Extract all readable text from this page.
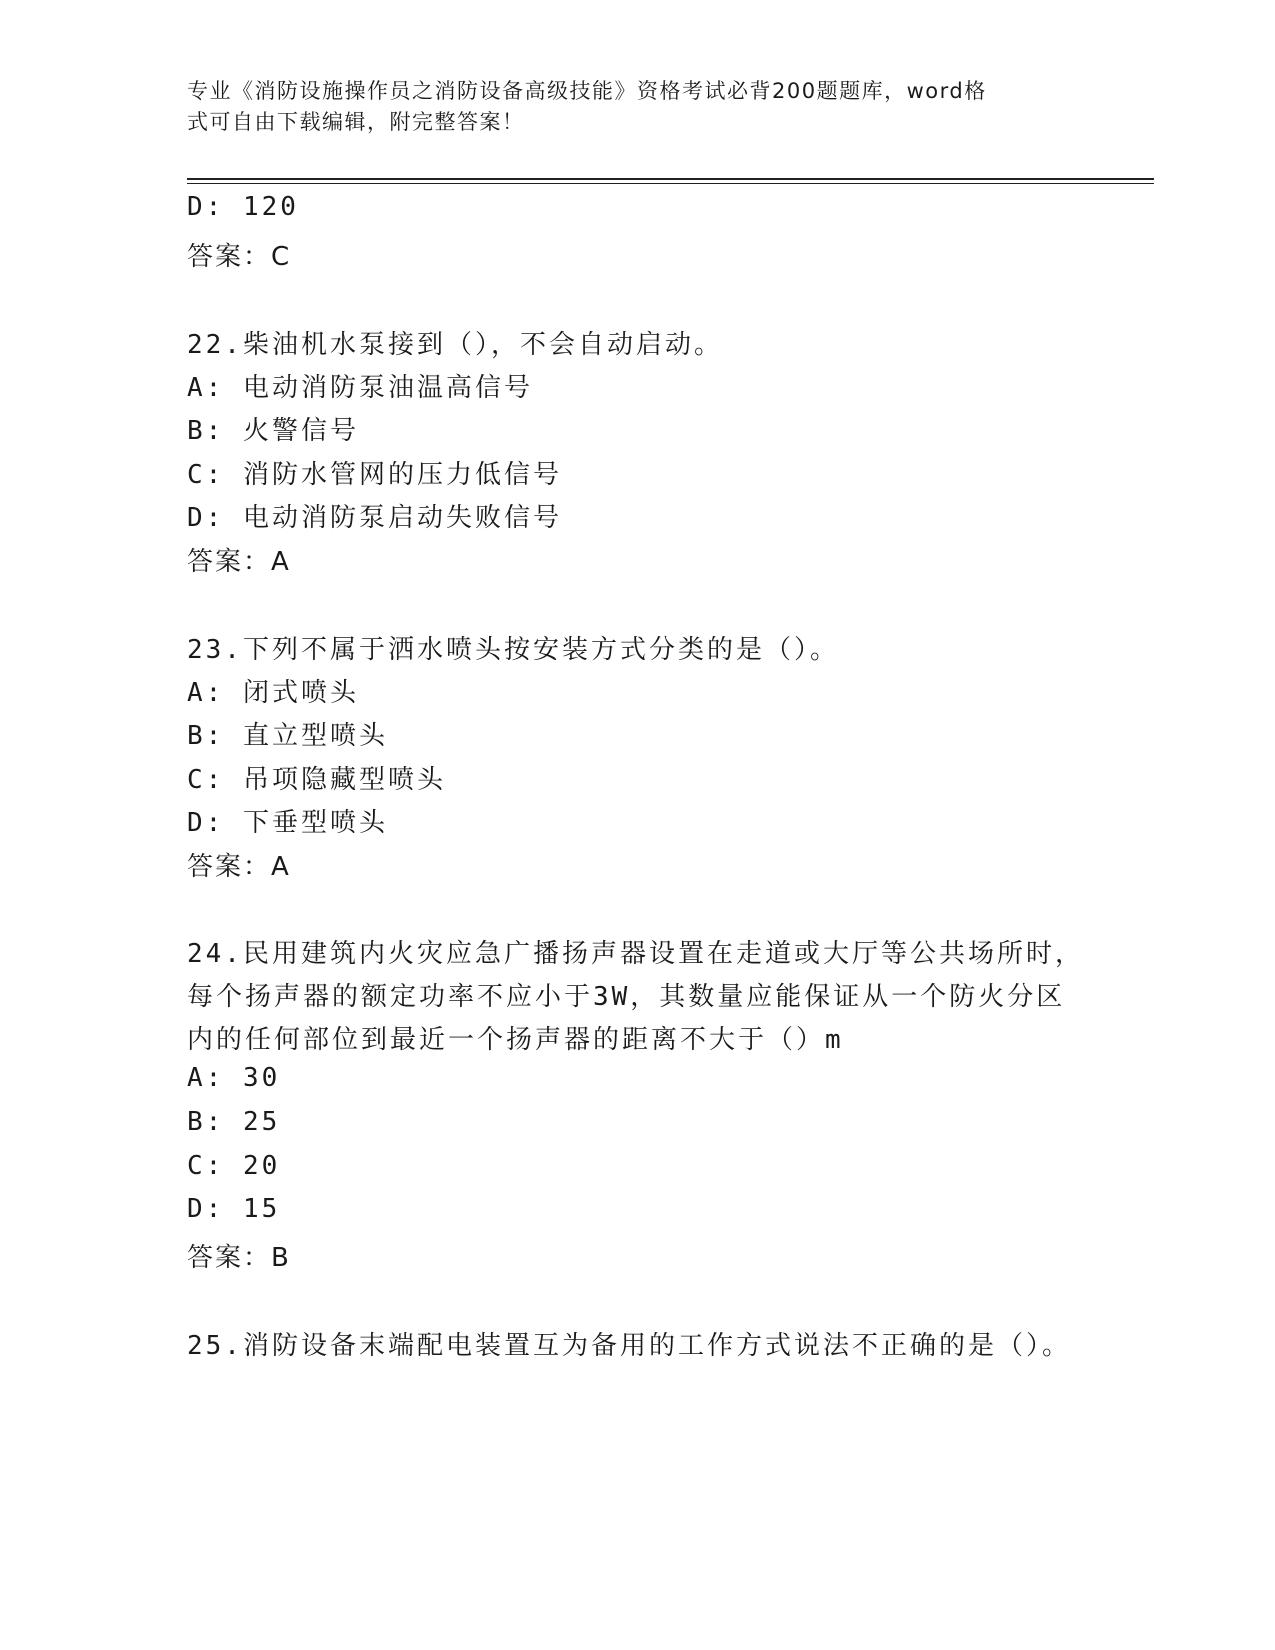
专业《消防设施操作员之消防设备高级技能》资格考试必背200题题库，word格
式可自由下载编辑，附完整答案！
D: 120
答案：C
22.柴油机水泵接到（），不会自动启动。
A: 电动消防泵油温高信号
B: 火警信号
C: 消防水管网的压力低信号
D: 电动消防泵启动失败信号
答案：A
23.下列不属于洒水喷头按安装方式分类的是（）。
A: 闭式喷头
B: 直立型喷头
C: 吊项隐藏型喷头
D: 下垂型喷头
答案：A
24.民用建筑内火灾应急广播扬声器设置在走道或大厅等公共场所时，
每个扬声器的额定功率不应小于3W，其数量应能保证从一个防火分区
内的任何部位到最近一个扬声器的距离不大于（）m
A: 30
B: 25
C: 20
D: 15
答案：B
25.消防设备末端配电装置互为备用的工作方式说法不正确的是（）。
